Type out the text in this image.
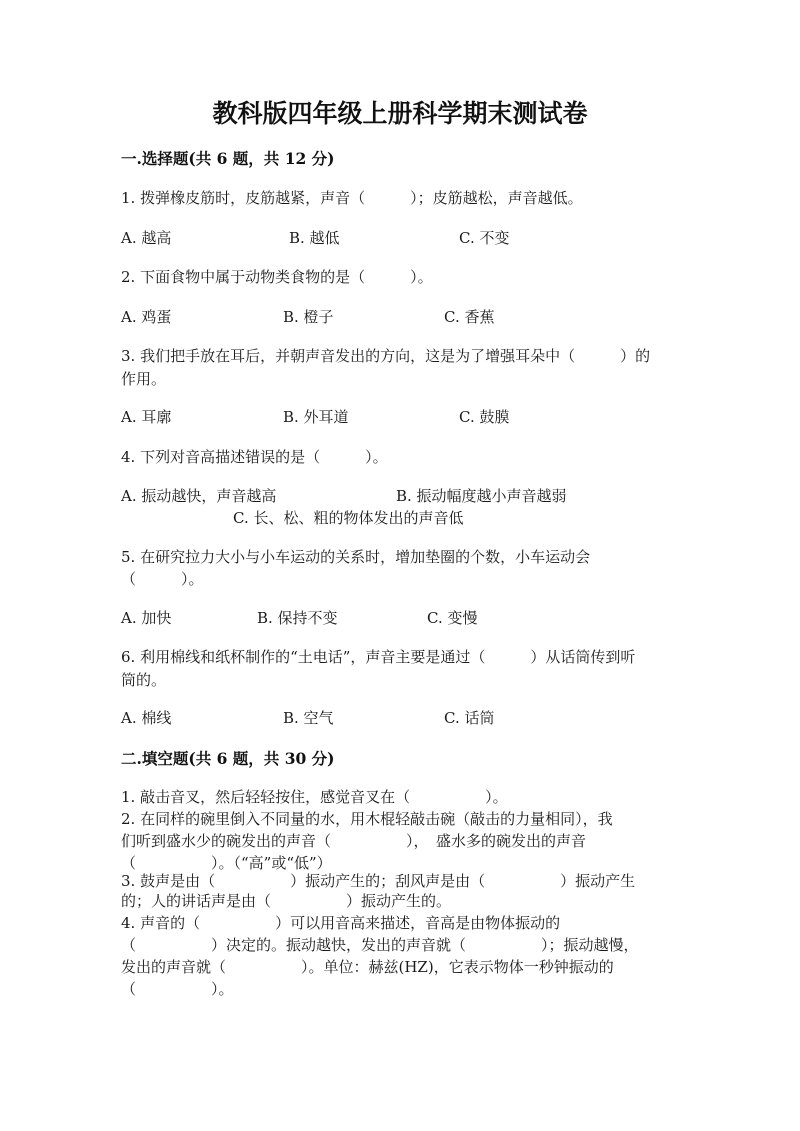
教科版四年级上册科学期末测试卷
一.选择题(共 6 题，共 12 分)
1. 拨弹橡皮筋时，皮筋越紧，声音（　　　）；皮筋越松，声音越低。
A. 越高	B. 越低	C. 不变
2. 下面食物中属于动物类食物的是（　　　）。
A. 鸡蛋	B. 橙子	C. 香蕉
3. 我们把手放在耳后，并朝声音发出的方向，这是为了增强耳朵中（　　　）的
作用。
A. 耳廓	B. 外耳道	C. 鼓膜
4. 下列对音高描述错误的是（　　　）。
A. 振动越快，声音越高	B. 振动幅度越小声音越弱
C. 长、松、粗的物体发出的声音低
5. 在研究拉力大小与小车运动的关系时，增加垫圈的个数，小车运动会
（　　　）。
A. 加快	B. 保持不变	C. 变慢
6. 利用棉线和纸杯制作的“土电话”，声音主要是通过（　　　）从话筒传到听
筒的。
A. 棉线	B. 空气	C. 话筒
二.填空题(共 6 题，共 30 分)
1. 敲击音叉，然后轻轻按住，感觉音叉在（　　　　　）。
2. 在同样的碗里倒入不同量的水，用木棍轻敲击碗（敲击的力量相同），我
们听到盛水少的碗发出的声音（　　　　　），　盛水多的碗发出的声音
（　　　　　）。（“高”或“低”）
3. 鼓声是由（　　　　　）振动产生的；刮风声是由（　　　　　）振动产生
的；人的讲话声是由（　　　　　）振动产生的。
4. 声音的（　　　　　）可以用音高来描述，音高是由物体振动的
（　　　　　）决定的。振动越快，发出的声音就（　　　　　）；振动越慢，
发出的声音就（　　　　　）。单位：赫兹(HZ)，它表示物体一秒钟振动的
（　　　　　）。
